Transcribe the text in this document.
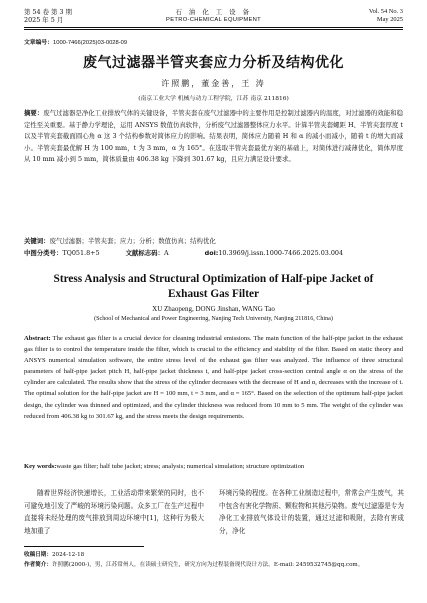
第 54 卷 第 3 期
2025 年 5 月
石 油 化 工 设 备
PETRO-CHEMICAL EQUIPMENT
Vol. 54 No. 3
May 2025
文章编号：1000-7466(2025)03-0028-09
废气过滤器半管夹套应力分析及结构优化
许照鹏，董金善，王 涛
(南京工业大学 机械与动力工程学院，江苏 南京 211816)
摘要：废气过滤器是净化工业排放气体的关键设备，半管夹套在废气过滤器中的主要作用是控制过滤器内的温度，对过滤器的效能和稳定性至关重要。基于静力学理论，运用 ANSYS 数值仿真软件，分析废气过滤器整体应力水平。计算半管夹套螺距 H、半管夹套厚度 t 以及半管夹套截面圆心角 α 这 3 个结构参数对简体应力的影响。结果表明，简体应力随着 H 和 α 的减小而减小，随着 t 的增大而减小。半管夹套最优解 H 为 100 mm，t 为 3 mm，α 为 165°。在选取半管夹套最优方案的基础上，对简体进行减薄优化，简体厚度从 10 mm 减小到 5 mm，简体质量由 406.38 kg 下降到 301.67 kg，且应力满足设计要求。
关键词：废气过滤器；半管夹套；应力；分析；数值仿真；结构优化
中图分类号：TQ051.8+5	文献标志码：A	doi:10.3969/j.issn.1000-7466.2025.03.004
Stress Analysis and Structural Optimization of Half-pipe Jacket of Exhaust Gas Filter
XU Zhaopeng, DONG Jinshan, WANG Tao
(School of Mechanical and Power Engineering, Nanjing Tech University, Nanjing 211816, China)
Abstract: The exhaust gas filter is a crucial device for cleaning industrial emissions. The main function of the half-pipe jacket in the exhaust gas filter is to control the temperature inside the filter, which is crucial to the efficiency and stability of the filter. Based on static theory and ANSYS numerical simulation software, the entire stress level of the exhaust gas filter was analyzed. The influence of three structural parameters of half-pipe jacket pitch H, half-pipe jacket thickness t, and half-pipe jacket cross-section central angle α on the stress of the cylinder are calculated. The results show that the stress of the cylinder decreases with the decrease of H and α, decreases with the increase of t. The optimal solution for the half-pipe jacket are H = 100 mm, t = 3 mm, and α = 165°. Based on the selection of the optimum half-pipe jacket design, the cylinder was thinned and optimized, and the cylinder thickness was reduced from 10 mm to 5 mm. The weight of the cylinder was reduced from 406.38 kg to 301.67 kg, and the stress meets the design requirements.
Key words:waste gas filter; half tube jacket; stress; analysis; numerical simulation; structure optimization
随着世界经济快速增长，工业活动带来繁荣的同时，也不可避免地引发了严峻的环境污染问题。众多工厂在生产过程中直接将未经处理的废气排放到周边环境中[1]，这种行为极大地加重了
环境污染的程度。在各种工业制造过程中，常常会产生废气，其中包含有害化学物质、颗粒物和其他污染物。废气过滤器是专为净化工业排放气体设计的装置，通过过滤和吸附，去除有害成分，净化
收稿日期：2024-12-18
作者简介：许照鹏(2000-)，男，江苏常州人，在读硕士研究生，研究方向为过程装备现代设计方法。E-mail: 2459532745@qq.com。
